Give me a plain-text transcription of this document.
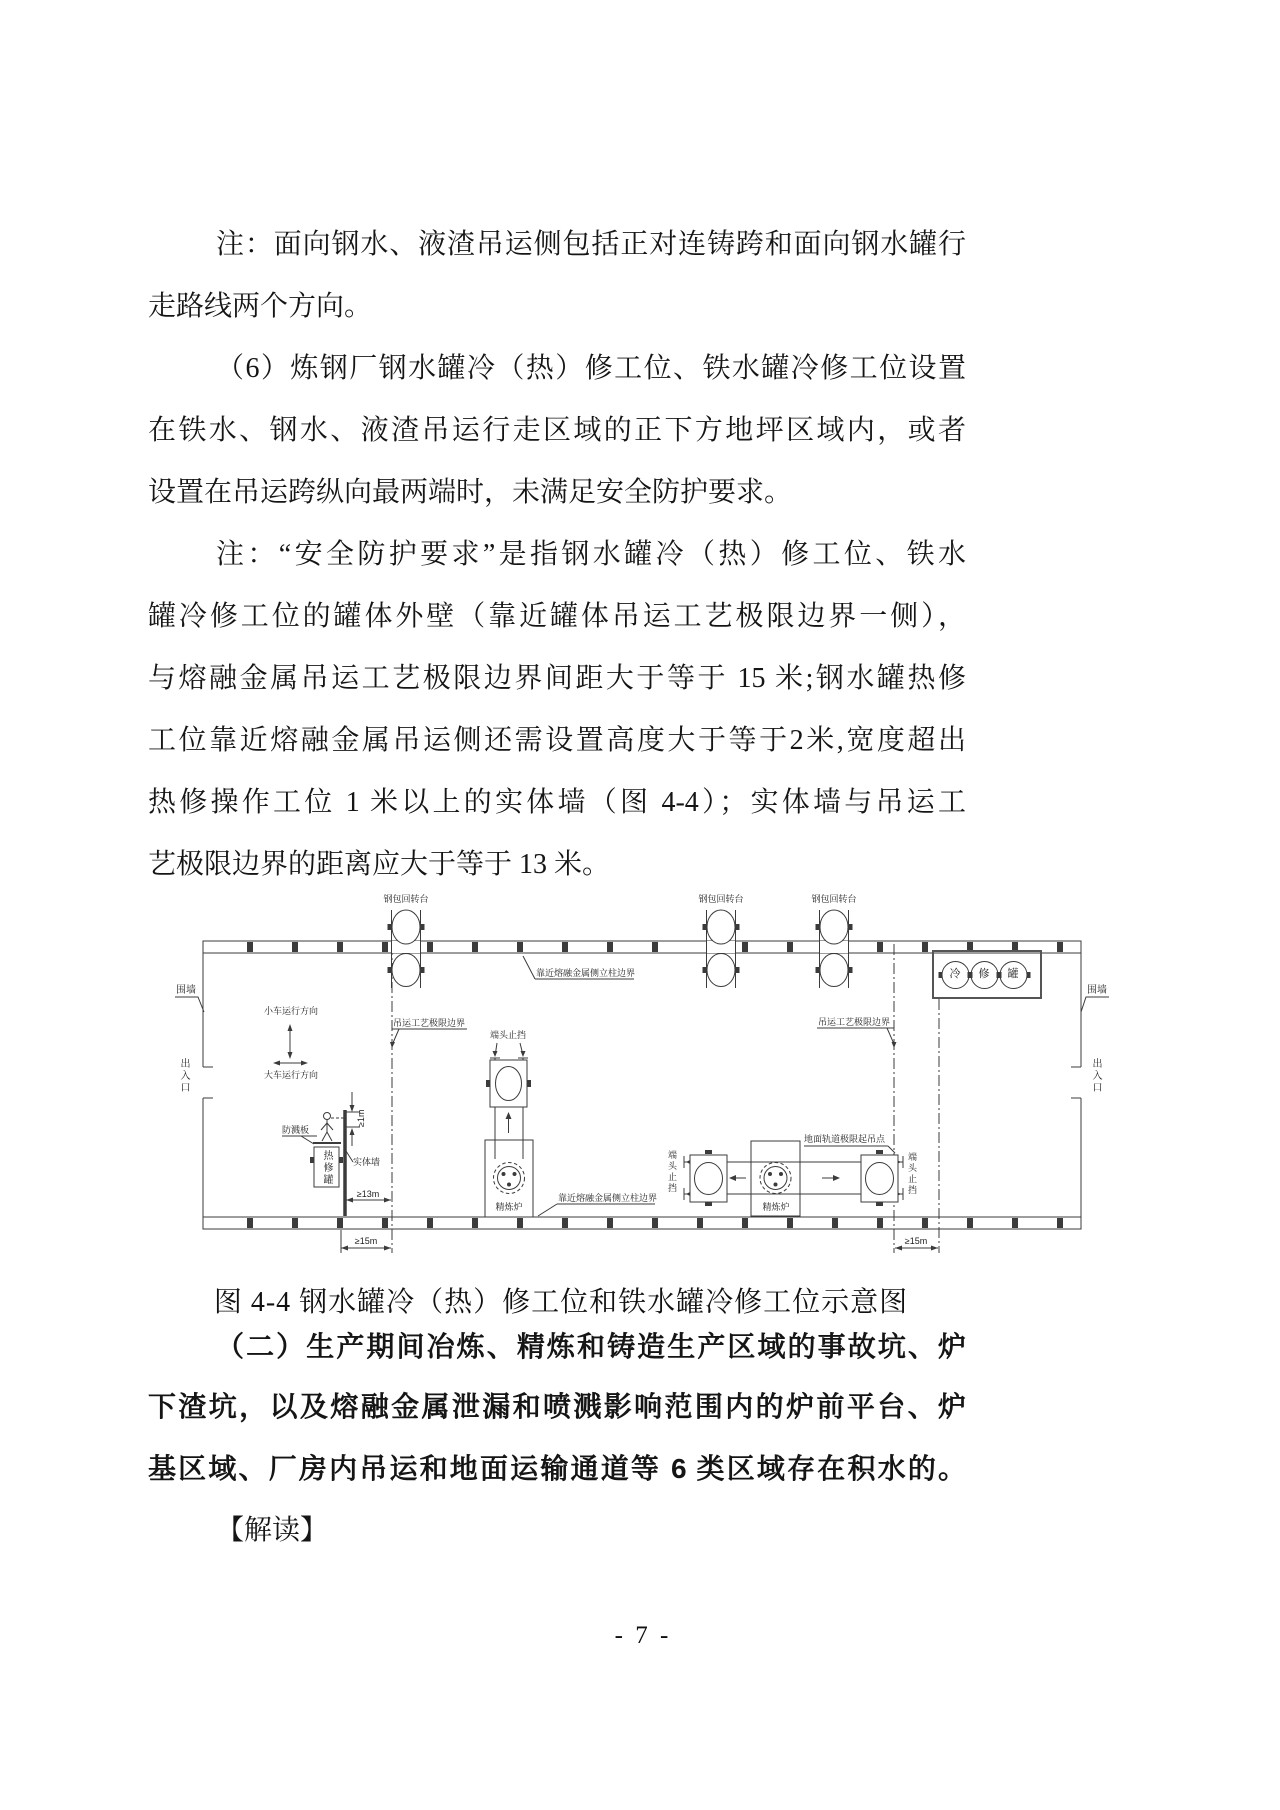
注：面向钢水、液渣吊运侧包括正对连铸跨和面向钢水罐行
走路线两个方向。
（6）炼钢厂钢水罐冷（热）修工位、铁水罐冷修工位设置
在铁水、钢水、液渣吊运行走区域的正下方地坪区域内，或者
设置在吊运跨纵向最两端时，未满足安全防护要求。
注：“安全防护要求”是指钢水罐冷（热）修工位、铁水
罐冷修工位的罐体外壁（靠近罐体吊运工艺极限边界一侧），
与熔融金属吊运工艺极限边界间距大于等于 15 米;钢水罐热修
工位靠近熔融金属吊运侧还需设置高度大于等于2米,宽度超出
热修操作工位 1 米以上的实体墙（图 4-4）；实体墙与吊运工
艺极限边界的距离应大于等于 13 米。
钢包回转台	钢包回转台	钢包回转台
围墙	围墙
出入口	出入口
小车运行方向
大车运行方向
吊运工艺极限边界	吊运工艺极限边界
靠近熔融金属侧立柱边界
靠近熔融金属侧立柱边界
防溅板
热修罐 实体墙
≥1m
≥13m
≥15m	≥15m
端头止挡
端头止挡	端头止挡
精炼炉	精炼炉
地面轨道极限起吊点
冷 修 罐
图 4-4 钢水罐冷（热）修工位和铁水罐冷修工位示意图
（二）生产期间冶炼、精炼和铸造生产区域的事故坑、炉
下渣坑，以及熔融金属泄漏和喷溅影响范围内的炉前平台、炉
基区域、厂房内吊运和地面运输通道等 6 类区域存在积水的。
【解读】
- 7 -
